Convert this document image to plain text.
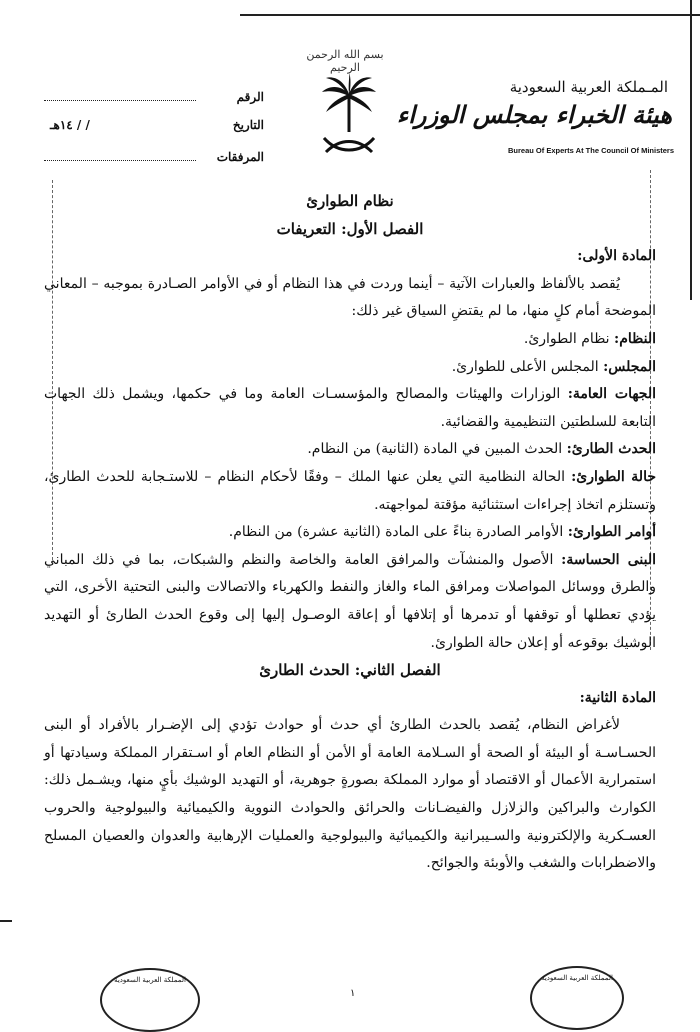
بسم الله الرحمن الرحيم
المـملكة العربية السعودية
هيئة الخبراء بمجلس الوزراء
Bureau Of Experts At The Council Of Ministers
الرقم
التاريخ
/ / ١٤هـ
المرفقات

نظام الطوارئ

الفصل الأول: التعريفات

المادة الأولى:

يُقصد بالألفاظ والعبارات الآتية – أينما وردت في هذا النظام أو في الأوامر الصـادرة بموجبه – المعاني الموضحة أمام كلٍ منها، ما لم يقتضِ السياق غير ذلك:

النظام: نظام الطوارئ.

المجلس: المجلس الأعلى للطوارئ.

الجهات العامة: الوزارات والهيئات والمصالح والمؤسسـات العامة وما في حكمها، ويشمل ذلك الجهات التابعة للسلطتين التنظيمية والقضائية.

الحدث الطارئ: الحدث المبين في المادة (الثانية) من النظام.

حالة الطوارئ: الحالة النظامية التي يعلن عنها الملك – وفقًا لأحكام النظام – للاستـجابة للحدث الطارئ، وتستلزم اتخاذ إجراءات استثنائية مؤقتة لمواجهته.

أوامر الطوارئ: الأوامر الصادرة بناءً على المادة (الثانية عشرة) من النظام.

البنى الحساسة: الأصول والمنشآت والمرافق العامة والخاصة والنظم والشبكات، بما في ذلك المباني والطرق ووسائل المواصلات ومرافق الماء والغاز والنفط والكهرباء والاتصالات والبنى التحتية الأخرى، التي يؤدي تعطلها أو توقفها أو تدمرها أو إتلافها أو إعاقة الوصـول إليها إلى وقوع الحدث الطارئ أو التهديد الوشيك بوقوعه أو إعلان حالة الطوارئ.

الفصل الثاني: الحدث الطارئ

المادة الثانية:

لأغراض النظام، يُقصد بالحدث الطارئ أي حدث أو حوادث تؤدي إلى الإضـرار بالأفراد أو البنى الحسـاسـة أو البيئة أو الصحة أو السـلامة العامة أو الأمن أو النظام العام أو اسـتقرار المملكة وسيادتها أو استمرارية الأعمال أو الاقتصاد أو موارد المملكة بصورةٍ جوهرية، أو التهديد الوشيك بأيٍ منها، ويشـمل ذلك: الكوارث والبراكين والزلازل والفيضـانات والحرائق والحوادث النووية والكيميائية والبيولوجية والحروب العسـكرية والإلكترونية والسـيبرانية والكيميائية والبيولوجية والعمليات الإرهابية والعدوان والعصيان المسلح والاضطرابات والشغب والأوبئة والجوائح.

١
المملكة العربية السعودية	المملكة العربية السعودية
